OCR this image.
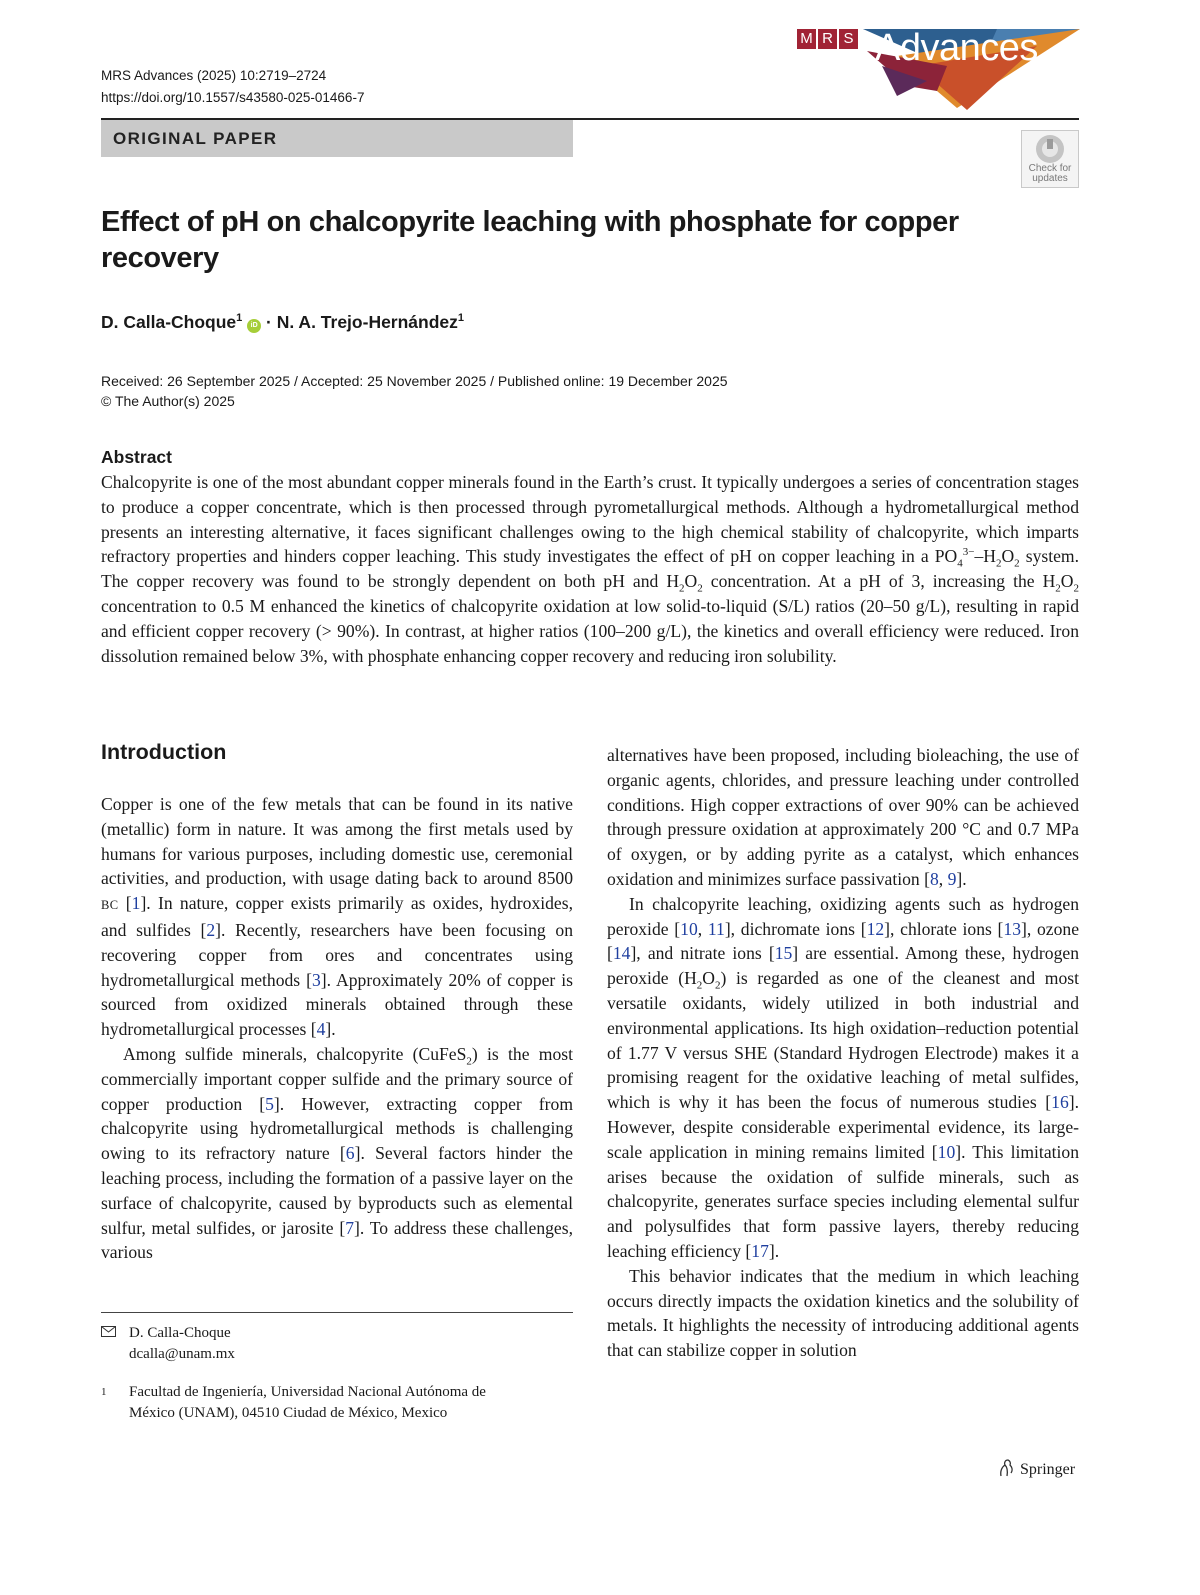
MRS Advances (2025) 10:2719–2724
https://doi.org/10.1557/s43580-025-01466-7
M R S Advances
ORIGINAL PAPER
Check for
updates
Effect of pH on chalcopyrite leaching with phosphate for copper recovery
D. Calla-Choque$^1$ iD · N. A. Trejo-Hernández$^1$
Received: 26 September 2025 / Accepted: 25 November 2025 / Published online: 19 December 2025
© The Author(s) 2025
Abstract

Chalcopyrite is one of the most abundant copper minerals found in the Earth’s crust. It typically undergoes a series of concentration stages to produce a copper concentrate, which is then processed through pyrometallurgical methods. Although a hydrometallurgical method presents an interesting alternative, it faces significant challenges owing to the high chemical stability of chalcopyrite, which imparts refractory properties and hinders copper leaching. This study investigates the effect of pH on copper leaching in a $PO_4^{3-}-H_2O_2$ system. The copper recovery was found to be strongly dependent on both pH and $H_2O_2$ concentration. At a pH of 3, increasing the $H_2O_2$ concentration to 0.5 M enhanced the kinetics of chalcopyrite oxidation at low solid-to-liquid (S/L) ratios (20–50 g/L), resulting in rapid and efficient copper recovery (> 90%). In contrast, at higher ratios (100–200 g/L), the kinetics and overall efficiency were reduced. Iron dissolution remained below 3%, with phosphate enhancing copper recovery and reducing iron solubility.

Introduction

Copper is one of the few metals that can be found in its native (metallic) form in nature. It was among the first metals used by humans for various purposes, including domestic use, ceremonial activities, and production, with usage dating back to around 8500 BC [1]. In nature, copper exists primarily as oxides, hydroxides, and sulfides [2]. Recently, researchers have been focusing on recovering copper from ores and concentrates using hydrometallurgical methods [3]. Approximately 20% of copper is sourced from oxidized minerals obtained through these hydrometallurgical processes [4].

Among sulfide minerals, chalcopyrite (CuFeS$_2$) is the most commercially important copper sulfide and the primary source of copper production [5]. However, extracting copper from chalcopyrite using hydrometallurgical methods is challenging owing to its refractory nature [6]. Several factors hinder the leaching process, including the formation of a passive layer on the surface of chalcopyrite, caused by byproducts such as elemental sulfur, metal sulfides, or jarosite [7]. To address these challenges, various

alternatives have been proposed, including bioleaching, the use of organic agents, chlorides, and pressure leaching under controlled conditions. High copper extractions of over 90% can be achieved through pressure oxidation at approximately 200 °C and 0.7 MPa of oxygen, or by adding pyrite as a catalyst, which enhances oxidation and minimizes surface passivation [8, 9].

In chalcopyrite leaching, oxidizing agents such as hydrogen peroxide [10, 11], dichromate ions [12], chlorate ions [13], ozone [14], and nitrate ions [15] are essential. Among these, hydrogen peroxide $(H_2O_2)$ is regarded as one of the cleanest and most versatile oxidants, widely utilized in both industrial and environmental applications. Its high oxidation–reduction potential of 1.77 V versus SHE (Standard Hydrogen Electrode) makes it a promising reagent for the oxidative leaching of metal sulfides, which is why it has been the focus of numerous studies [16]. However, despite considerable experimental evidence, its large-scale application in mining remains limited [10]. This limitation arises because the oxidation of sulfide minerals, such as chalcopyrite, generates surface species including elemental sulfur and polysulfides that form passive layers, thereby reducing leaching efficiency [17].

This behavior indicates that the medium in which leaching occurs directly impacts the oxidation kinetics and the solubility of metals. It highlights the necessity of introducing additional agents that can stabilize copper in solution

D. Calla-Choque
dcalla@unam.mx
1	Facultad de Ingeniería, Universidad Nacional Autónoma de
México (UNAM), 04510 Ciudad de México, Mexico
Springer
